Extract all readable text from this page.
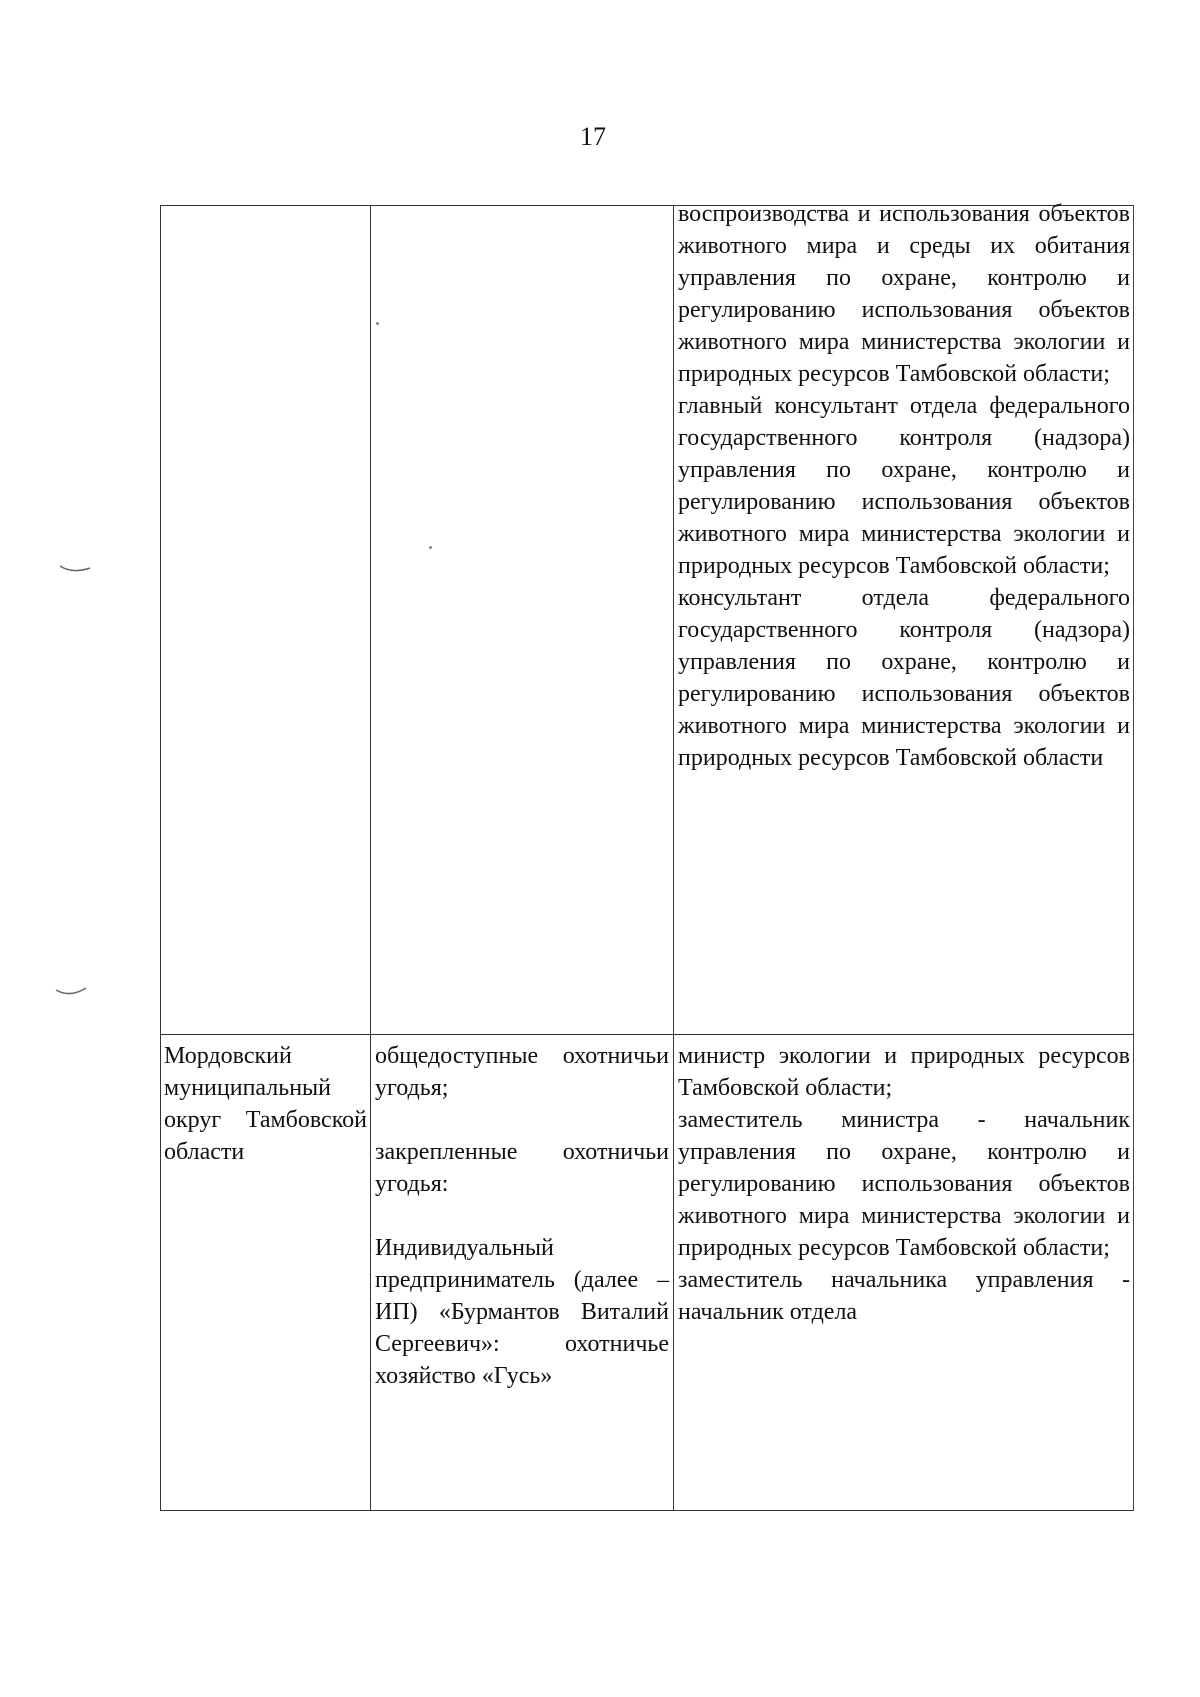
17

воспроизводства и использования объектов животного мира и среды их обитания управления по охране, контролю и регулированию использования объектов животного мира министерства экологии и природных ресурсов Тамбовской области;

главный консультант отдела федерального государственного контроля (надзора) управления по охране, контролю и регулированию использования объектов животного мира министерства экологии и природных ресурсов Тамбовской области;

консультант отдела федерального государственного контроля (надзора) управления по охране, контролю и регулированию использования объектов животного мира министерства экологии и природных ресурсов Тамбовской области

Мордовский муниципальный округ Тамбовской области

общедоступные охотничьи угодья;

закрепленные охотничьи угодья:

Индивидуальный предприниматель (далее – ИП) «Бурмантов Виталий Сергеевич»: охотничье хозяйство «Гусь»

министр экологии и природных ресурсов Тамбовской области;

заместитель министра - начальник управления по охране, контролю и регулированию использования объектов животного мира министерства экологии и природных ресурсов Тамбовской области;

заместитель начальника управления - начальник отдела
